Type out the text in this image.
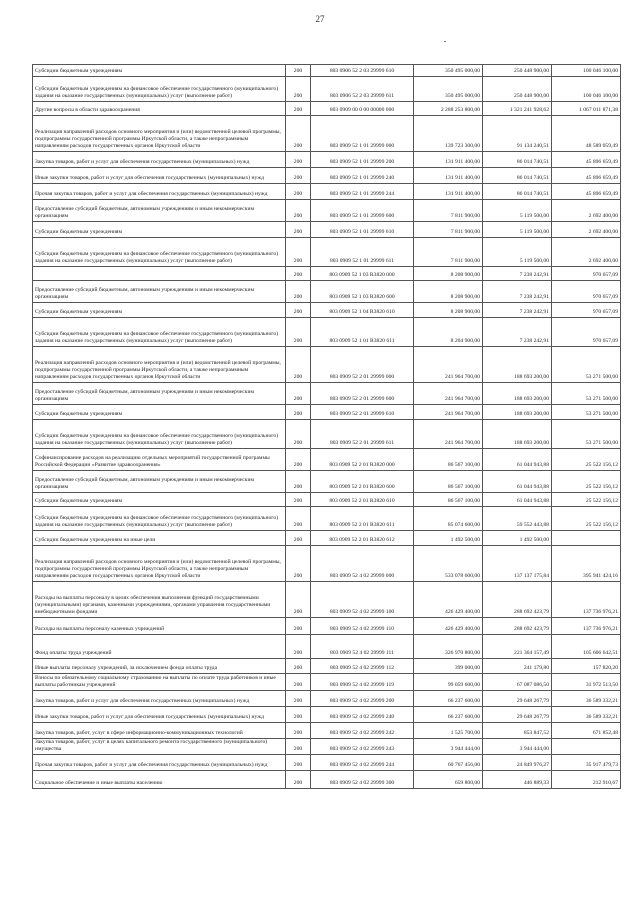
27
Субсидии бюджетным учреждениям	200	803 0906 52 2 03 29999 610	350 495 000,00	250 448 900,00	100 046 100,00
Субсидии бюджетным учреждениям на финансовое обеспечение государственного (муниципального) задания на оказание государственных (муниципальных) услуг (выполнение работ)	200	803 0906 52 2 03 29999 611	350 495 000,00	250 448 900,00	100 046 100,00
Другие вопросы в области здравоохранения	200	803 0909 00 0 00 00000 000	2 288 253 800,00	1 321 241 928,62	1 067 011 871,38
Реализация направлений расходов основного мероприятия и (или) ведомственной целевой программы, подпрограммы государственной программы Иркутской области, а также непрограммным направлениям расходов государственных органов Иркутской области	200	803 0909 52 1 01 29999 000	139 723 300,00	91 134 240,51	48 589 059,49
Закупка товаров, работ и услуг для обеспечения государственных (муниципальных) нужд	200	803 0909 52 1 01 29999 200	131 911 400,00	86 014 740,51	45 896 659,49
Иные закупки товаров, работ и услуг для обеспечения государственных (муниципальных) нужд	200	803 0909 52 1 01 29999 240	131 911 400,00	86 014 740,51	45 896 659,49
Прочая закупка товаров, работ и услуг для обеспечения государственных (муниципальных) нужд	200	803 0909 52 1 01 29999 244	131 911 400,00	86 014 740,51	45 896 659,49
Предоставление субсидий бюджетным, автономным учреждениям и иным некоммерческим организациям	200	803 0909 52 1 01 29999 600	7 811 900,00	5 119 500,00	2 692 400,00
Субсидии бюджетным учреждениям	200	803 0909 52 1 01 29999 610	7 811 900,00	5 119 500,00	2 692 400,00
Субсидии бюджетным учреждениям на финансовое обеспечение государственного (муниципального) задания на оказание государственных (муниципальных) услуг (выполнение работ)	200	803 0909 52 1 01 29999 611	7 811 900,00	5 119 500,00	2 692 400,00
	200	803 0909 52 1 03 R3820 000	8 208 900,00	7 238 242,91	970 657,09
Предоставление субсидий бюджетным, автономным учреждениям и иным некоммерческим организациям	200	803 0909 52 1 03 R3820 600	8 208 900,00	7 238 242,91	970 657,09
Субсидии бюджетным учреждениям	200	803 0909 52 1 04 R3820 610	8 208 900,00	7 238 242,91	970 657,09
Субсидии бюджетным учреждениям на финансовое обеспечение государственного (муниципального) задания на оказание государственных (муниципальных) услуг (выполнение работ)	200	803 0909 52 1 01 R3820 611	8 204 900,00	7 238 242,91	970 657,09
Реализация направлений расходов основного мероприятия и (или) ведомственной целевой программы, подпрограммы государственной программы Иркутской области, а также непрограммным направлениям расходов государственных органов Иркутской области	200	803 0909 52 2 01 29999 000	241 964 700,00	188 693 200,00	53 271 500,00
Предоставление субсидий бюджетным, автономным учреждениям и иным некоммерческим организациям	200	803 0909 52 2 01 29999 600	241 964 700,00	188 693 200,00	53 271 500,00
Субсидии бюджетным учреждениям	200	803 0909 52 2 01 29999 610	241 964 700,00	188 693 200,00	53 271 500,00
Субсидии бюджетным учреждениям на финансовое обеспечение государственного (муниципального) задания на оказание государственных (муниципальных) услуг (выполнение работ)	200	803 0909 52 2 01 29999 611	241 964 700,00	188 693 200,00	53 271 500,00
Софинансирование расходов на реализацию отдельных мероприятий государственной программы Российской Федерации «Развитие здравоохранения»	200	803 0909 52 2 01 R3820 000	86 567 100,00	61 044 943,88	25 522 156,12
Предоставление субсидий бюджетным, автономным учреждениям и иным некоммерческим организациям	200	803 0909 52 2 01 R3820 600	86 567 100,00	61 044 943,88	25 522 156,12
Субсидии бюджетным учреждениям	200	803 0909 52 2 01 R3820 610	86 567 100,00	61 044 943,88	25 522 156,12
Субсидии бюджетным учреждениям на финансовое обеспечение государственного (муниципального) задания на оказание государственных (муниципальных) услуг (выполнение работ)	200	803 0909 52 2 01 R3820 611	85 074 600,00	59 552 443,88	25 522 156,12
Субсидии бюджетным учреждениям на иные цели	200	803 0909 52 2 01 R3820 612	1 492 500,00	1 492 500,00	
Реализация направлений расходов основного мероприятия и (или) ведомственной целевой программы, подпрограммы государственной программы Иркутской области, а также непрограммным направлениям расходов государственных органов Иркутской области	200	803 0909 52 4 02 29999 000	533 078 600,00	137 137 175,84	395 941 424,16
Расходы на выплаты персоналу в целях обеспечения выполнения функций государственными (муниципальными) органами, казенными учреждениями, органами управления государственными внебюджетными фондами	200	803 0909 52 4 02 29999 100	426 429 400,00	288 692 423,79	137 736 976,21
Расходы на выплаты персоналу казенных учреждений	200	803 0909 52 4 02 29999 110	426 429 400,00	288 692 423,79	137 736 976,21
Фонд оплаты труда учреждений	200	803 0909 52 4 02 29999 111	326 970 800,00	221 364 157,49	105 606 642,51
Иные выплаты персоналу учреждений, за исключением фонда оплаты труда	200	803 0909 52 4 02 29999 112	399 000,00	241 179,80	157 820,20
Взносы по обязательному социальному страхованию на выплаты по оплате труда работников и иные выплаты работникам учреждений	200	803 0909 52 4 02 29999 119	99 059 600,00	67 087 086,50	31 972 513,50
Закупка товаров, работ и услуг для обеспечения государственных (муниципальных) нужд	200	803 0909 52 4 02 29999 200	66 237 600,00	29 648 267,79	36 589 332,21
Иные закупки товаров, работ и услуг для обеспечения государственных (муниципальных) нужд	200	803 0909 52 4 02 29999 240	66 237 600,00	29 648 267,79	36 589 332,21
Закупка товаров, работ, услуг в сфере информационно-коммуникационных технологий	200	803 0909 52 4 02 29999 242	1 525 700,00	853 847,52	671 852,48
Закупка товаров, работ, услуг в целях капитального ремонта государственного (муниципального) имущества	200	803 0909 52 4 02 29999 243	3 944 444,00	3 944 444,00	
Прочая закупка товаров, работ и услуг для обеспечения государственных (муниципальных) нужд	200	803 0909 52 4 02 29999 244	60 767 456,00	24 849 976,27	35 917 479,73
Социальное обеспечение и иные выплаты населению	200	803 0909 52 4 02 29999 300	659 800,00	446 889,33	212 910,67
